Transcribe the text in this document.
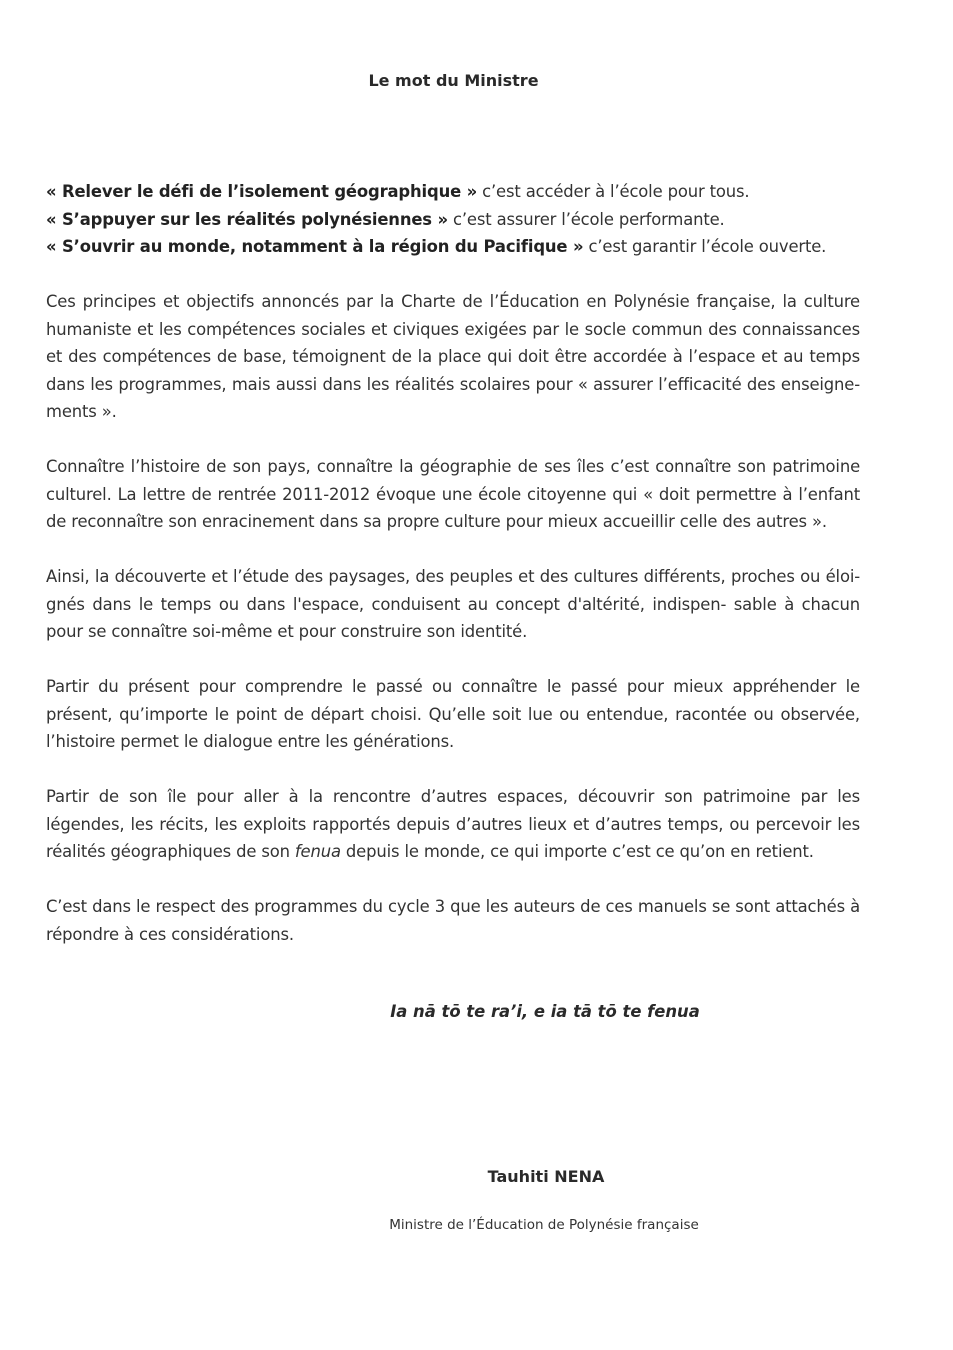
Le mot du Ministre

« Relever le défi de l’isolement géographique » c’est accéder à l’école pour tous.
« S’appuyer sur les réalités polynésiennes » c’est assurer l’école performante.
« S’ouvrir au monde, notamment à la région du Pacifique » c’est garantir l’école ouverte.

Ces principes et objectifs annoncés par la Charte de l’Éducation en Polynésie française, la culture humaniste et les compétences sociales et civiques exigées par le socle commun des connaissances et des compétences de base, témoignent de la place qui doit être accordée à l’espace et au temps dans les programmes, mais aussi dans les réalités scolaires pour « assurer l’efficacité des enseigne-ments ».

Connaître l’histoire de son pays, connaître la géographie de ses îles c’est connaître son patrimoine culturel. La lettre de rentrée 2011-2012 évoque une école citoyenne qui « doit permettre à l’enfant de reconnaître son enracinement dans sa propre culture pour mieux accueillir celle des autres ».

Ainsi, la découverte et l’étude des paysages, des peuples et des cultures différents, proches ou éloi-gnés dans le temps ou dans l'espace, conduisent au concept d'altérité, indispen- sable à chacun pour se connaître soi-même et pour construire son identité.

Partir du présent pour comprendre le passé ou connaître le passé pour mieux appréhender le présent, qu’importe le point de départ choisi. Qu’elle soit lue ou entendue, racontée ou observée, l’histoire permet le dialogue entre les générations.

Partir de son île pour aller à la rencontre d’autres espaces, découvrir son patrimoine par les légendes, les récits, les exploits rapportés depuis d’autres lieux et d’autres temps, ou percevoir les réalités géographiques de son fenua depuis le monde, ce qui importe c’est ce qu’on en retient.

C’est dans le respect des programmes du cycle 3 que les auteurs de ces manuels se sont attachés à répondre à ces considérations.

Ia nā tō te ra’i, e ia tā tō te fenua
Tauhiti NENA
Ministre de l’Éducation de Polynésie française
